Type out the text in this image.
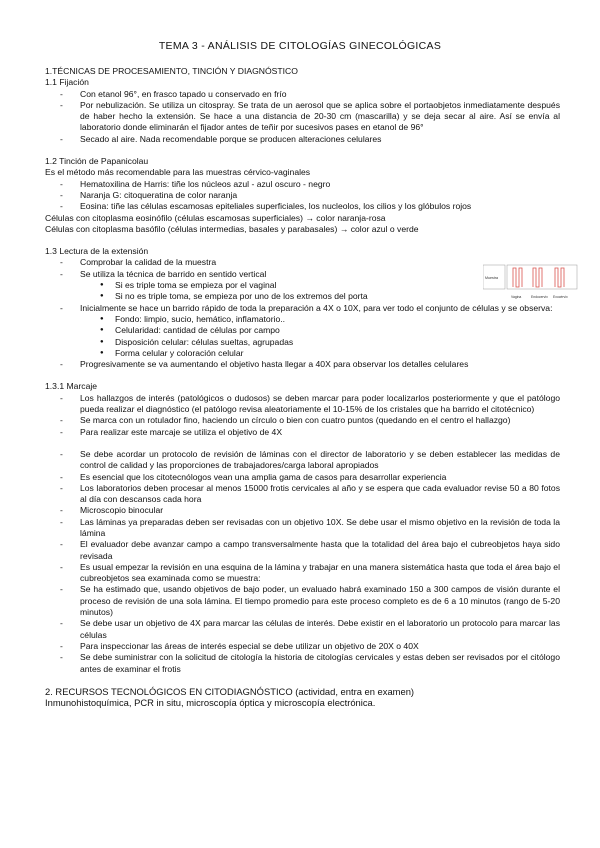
TEMA 3 - ANÁLISIS DE CITOLOGÍAS GINECOLÓGICAS

1.TÉCNICAS DE PROCESAMIENTO, TINCIÓN Y DIAGNÓSTICO

1.1 Fijación

- Con etanol 96°, en frasco tapado u conservado en frío
- Por nebulización. Se utiliza un citospray. Se trata de un aerosol que se aplica sobre el portaobjetos inmediatamente después de haber hecho la extensión. Se hace a una distancia de 20-30 cm (mascarilla) y se deja secar al aire. Así se envía al laboratorio donde eliminarán el fijador antes de teñir por sucesivos pases en etanol de 96°
- Secado al aire. Nada recomendable porque se producen alteraciones celulares

1.2 Tinción de Papanicolau

Es el método más recomendable para las muestras cérvico-vaginales

- Hematoxilina de Harris: tiñe los núcleos azul - azul oscuro - negro
- Naranja G: citoqueratina de color naranja
- Eosina: tiñe las células escamosas epiteliales superficiales, los nucleolos, los cilios y los glóbulos rojos

Células con citoplasma eosinófilo (células escamosas superficiales) → color naranja-rosa

Células con citoplasma basófilo (células intermedias, basales y parabasales) → color azul o verde

1.3 Lectura de la extensión

- Comprobar la calidad de la muestra
- Se utiliza la técnica de barrido en sentido vertical
● Si es triple toma se empieza por el vaginal
● Si no es triple toma, se empieza por uno de los extremos del porta
- Inicialmente se hace un barrido rápido de toda la preparación a 4X o 10X, para ver todo el conjunto de células y se observa:
● Fondo: limpio, sucio, hemático, inflamatorio..
● Celularidad: cantidad de células por campo
● Disposición celular: células sueltas, agrupadas
● Forma celular y coloración celular
- Progresivamente se va aumentando el objetivo hasta llegar a 40X para observar los detalles celulares

1.3.1 Marcaje

- Los hallazgos de interés (patológicos o dudosos) se deben marcar para poder localizarlos posteriormente y que el patólogo pueda realizar el diagnóstico (el patólogo revisa aleatoriamente el 10-15% de los cristales que ha barrido el citotécnico)
- Se marca con un rotulador fino, haciendo un círculo o bien con cuatro puntos (quedando en el centro el hallazgo)
- Para realizar este marcaje se utiliza el objetivo de 4X
- Se debe acordar un protocolo de revisión de láminas con el director de laboratorio y se deben establecer las medidas de control de calidad y las proporciones de trabajadores/carga laboral apropiados
- Es esencial que los citotecnólogos vean una amplia gama de casos para desarrollar experiencia
- Los laboratorios deben procesar al menos 15000 frotis cervicales al año y se espera que cada evaluador revise 50 a 80 fotos al día con descansos cada hora
- Microscopio binocular
- Las láminas ya preparadas deben ser revisadas con un objetivo 10X. Se debe usar el mismo objetivo en la revisión de toda la lámina
- El evaluador debe avanzar campo a campo transversalmente hasta que la totalidad del área bajo el cubreobjetos haya sido revisada
- Es usual empezar la revisión en una esquina de la lámina y trabajar en una manera sistemática hasta que toda el área bajo el cubreobjetos sea examinada como se muestra:
- Se ha estimado que, usando objetivos de bajo poder, un evaluado habrá examinado 150 a 300 campos de visión durante el proceso de revisión de una sola lámina. El tiempo promedio para este proceso completo es de 6 a 10 minutos (rango de 5-20 minutos)
- Se debe usar un objetivo de 4X para marcar las células de interés. Debe existir en el laboratorio un protocolo para marcar las células
- Para inspeccionar las áreas de interés especial se debe utilizar un objetivo de 20X o 40X
- Se debe suministrar con la solicitud de citología la historia de citologías cervicales y estas deben ser revisados por el citólogo antes de examinar el frotis

2. RECURSOS TECNOLÓGICOS EN CITODIAGNÓSTICO (actividad, entra en examen)

Inmunohistoquímica, PCR in situ, microscopía óptica y microscopía electrónica.

Muestra
Vagina	Endocervix Exocérvix
